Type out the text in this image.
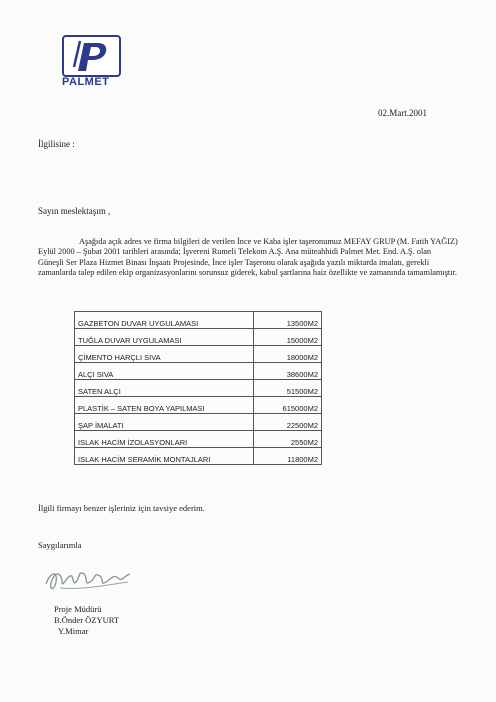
PALMET
02.Mart.2001
İlgilisine :
Sayın meslektaşım ,
Aşağıda açık adres ve firma bilgileri de verilen İnce ve Kaba işler taşeronumuz MEFAY GRUP (M. Fatih YAĞIZ) Eylül 2000 – Şubat 2001 tarihleri arasında; İşvereni Rumeli Telekom A.Ş. Ana müteahhidi Palmet Met. End. A.Ş. olan Güneşli Ser Plaza Hizmet Binası İnşaatı Projesinde, İnce işler Taşeronu olarak aşağıda yazılı miktarda imalatı, gerekli zamanlarda talep edilen ekip organizasyonlarını sorunsuz giderek, kabul şartlarına haiz özellikte ve zamanında tamamlamıştır.
GAZBETON DUVAR UYGULAMASI	13500M2
TUĞLA DUVAR UYGULAMASI	15000M2
ÇİMENTO HARÇLI SIVA	18000M2
ALÇI SIVA	38600M2
SATEN ALÇI	51500M2
PLASTİK – SATEN BOYA YAPILMASI	615000M2
ŞAP İMALATI	22500M2
ISLAK HACİM İZOLASYONLARI	2550M2
ISLAK HACİM SERAMİK MONTAJLARI	11800M2
İlgili firmayı benzer işleriniz için tavsiye ederim.
Saygılarımla
Proje Müdürü
B.Önder ÖZYURT
Y.Mimar
